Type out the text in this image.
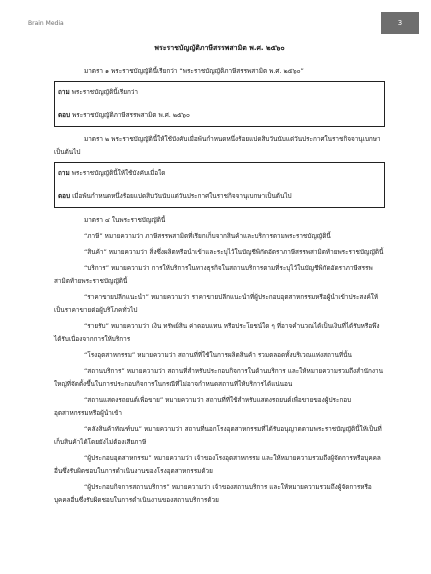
Brain Media	3
พระราชบัญญัติภาษีสรรพสามิต พ.ศ. ๒๕๖๐

มาตรา ๑ พระราชบัญญัตินี้เรียกว่า “พระราชบัญญัติภาษีสรรพสามิต พ.ศ. ๒๕๖๐”

ถาม พระราชบัญญัตินี้เรียกว่า
ตอบ พระราชบัญญัติภาษีสรรพสามิต พ.ศ. ๒๕๖๐

มาตรา ๒ พระราชบัญญัตินี้ให้ใช้บังคับเมื่อพ้นกำหนดหนึ่งร้อยแปดสิบวันนับแต่วันประกาศในราชกิจจานุเบกษาเป็นต้นไป

ถาม พระราชบัญญัตินี้ให้ใช้บังคับเมื่อใด
ตอบ เมื่อพ้นกำหนดหนึ่งร้อยแปดสิบวันนับแต่วันประกาศในราชกิจจานุเบกษาเป็นต้นไป

มาตรา ๔ ในพระราชบัญญัตินี้

“ภาษี” หมายความว่า ภาษีสรรพสามิตที่เรียกเก็บจากสินค้าและบริการตามพระราชบัญญัตินี้

“สินค้า” หมายความว่า สิ่งซึ่งผลิตหรือนำเข้าและระบุไว้ในบัญชีพิกัดอัตราภาษีสรรพสามิตท้ายพระราชบัญญัตินี้

“บริการ” หมายความว่า การให้บริการในทางธุรกิจในสถานบริการตามที่ระบุไว้ในบัญชีพิกัดอัตราภาษีสรรพสามิตท้ายพระราชบัญญัตินี้

“ราคาขายปลีกแนะนำ” หมายความว่า ราคาขายปลีกแนะนำที่ผู้ประกอบอุตสาหกรรมหรือผู้นำเข้าประสงค์ให้เป็นราคาขายต่อผู้บริโภคทั่วไป

“รายรับ” หมายความว่า เงิน ทรัพย์สิน ค่าตอบแทน หรือประโยชน์ใด ๆ ที่อาจคำนวณได้เป็นเงินที่ได้รับหรือพึงได้รับเนื่องจากการให้บริการ

“โรงอุตสาหกรรม” หมายความว่า สถานที่ที่ใช้ในการผลิตสินค้า รวมตลอดทั้งบริเวณแห่งสถานที่นั้น

“สถานบริการ” หมายความว่า สถานที่สำหรับประกอบกิจการในด้านบริการ และให้หมายความรวมถึงสำนักงานใหญ่ที่จัดตั้งขึ้นในการประกอบกิจการในกรณีที่ไม่อาจกำหนดสถานที่ให้บริการได้แน่นอน

“สถานแสดงรถยนต์เพื่อขาย” หมายความว่า สถานที่ที่ใช้สำหรับแสดงรถยนต์เพื่อขายของผู้ประกอบอุตสาหกรรมหรือผู้นำเข้า

“คลังสินค้าทัณฑ์บน” หมายความว่า สถานที่นอกโรงอุตสาหกรรมที่ได้รับอนุญาตตามพระราชบัญญัตินี้ให้เป็นที่เก็บสินค้าได้โดยยังไม่ต้องเสียภาษี

“ผู้ประกอบอุตสาหกรรม” หมายความว่า เจ้าของโรงอุตสาหกรรม และให้หมายความรวมถึงผู้จัดการหรือบุคคลอื่นซึ่งรับผิดชอบในการดำเนินงานของโรงอุตสาหกรรมด้วย

“ผู้ประกอบกิจการสถานบริการ” หมายความว่า เจ้าของสถานบริการ และให้หมายความรวมถึงผู้จัดการหรือบุคคลอื่นซึ่งรับผิดชอบในการดำเนินงานของสถานบริการด้วย
